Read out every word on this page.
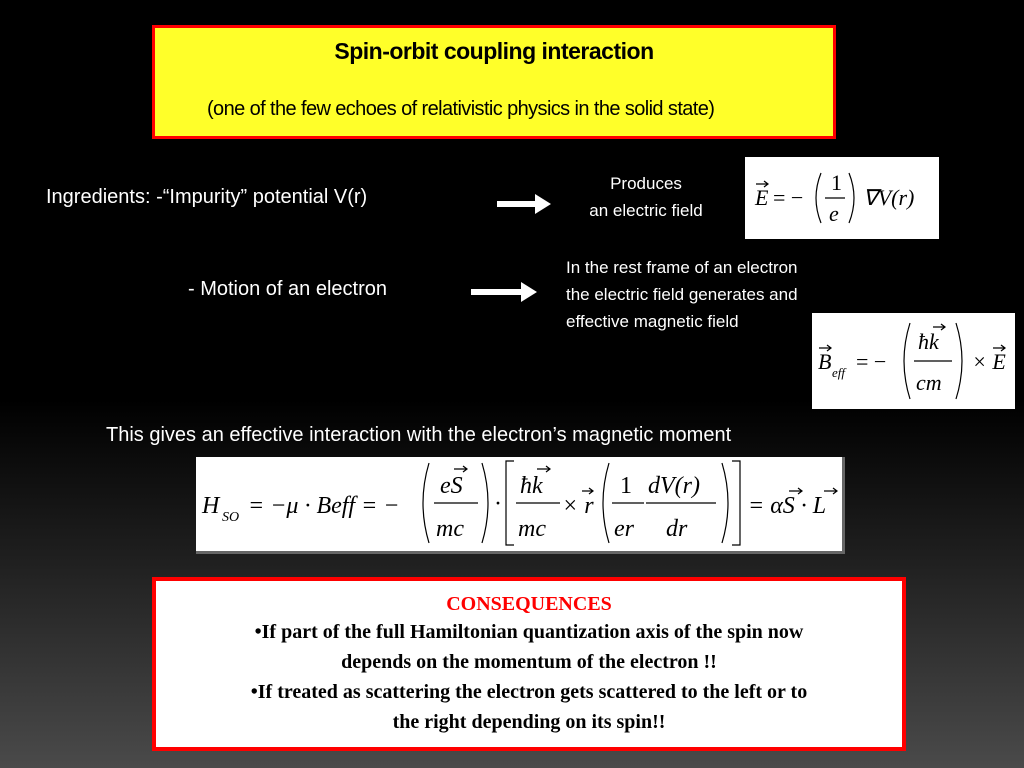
Spin-orbit coupling interaction
(one of the few echoes of relativistic physics in the solid state)
Ingredients: -“Impurity” potential V(r)
Produces
an electric field
E = −
1
e
∇V(r)
- Motion of an electron
In the rest frame of an electron
the electric field generates and
effective magnetic field
B eff = −
ħk
cm
× E
This gives an effective interaction with the electron’s magnetic moment
H SO = −μ · Beff = −
eS
mc
·
ħk
mc
× r
1
er
dV(r)
dr
= αS · L
CONSEQUENCES
•If part of the full Hamiltonian quantization axis of the spin now
depends on the momentum of the electron !!
•If treated as scattering the electron gets scattered to the left or to
the right depending on its spin!!
